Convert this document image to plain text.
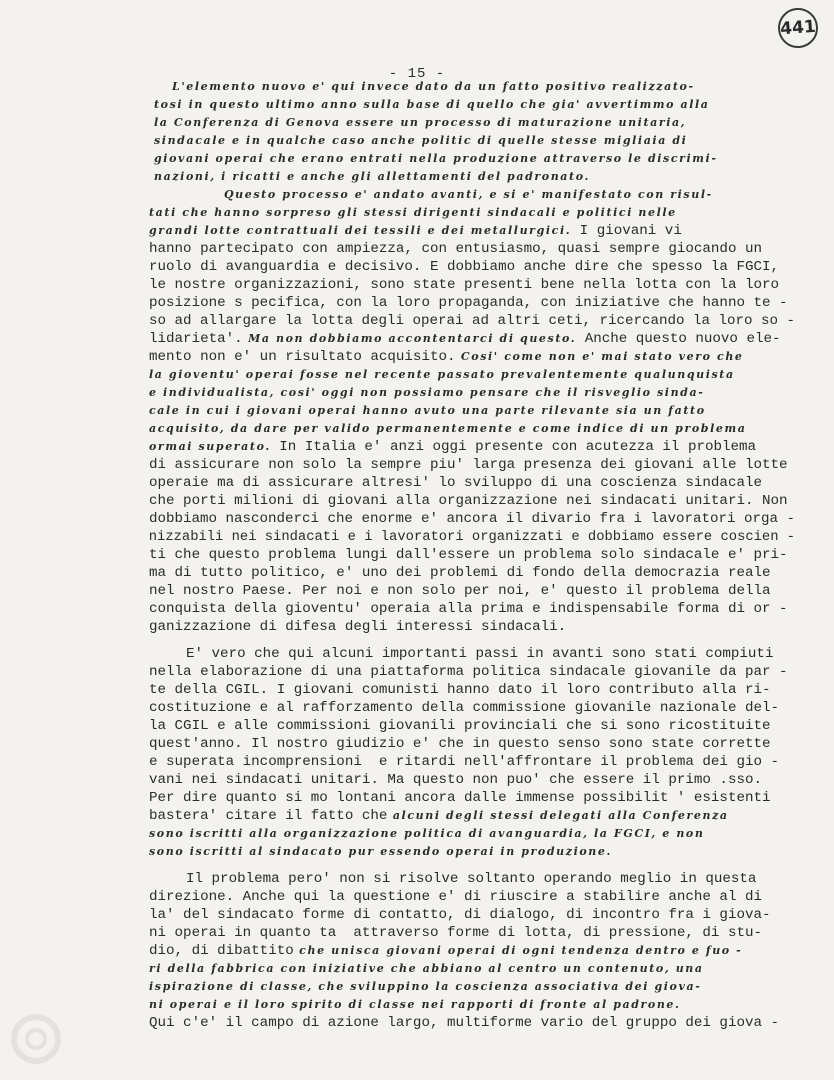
441
- 15 -

L'elemento nuovo e' qui invece dato da un fatto positivo realizzato-

tosi in questo ultimo anno sulla base di quello che gia' avvertimmo alla

la Conferenza di Genova essere un processo di maturazione unitaria,

sindacale e in qualche caso anche politic di quelle stesse migliaia di

giovani operai che erano entrati nella produzione attraverso le discrimi-

nazioni, i ricatti e anche gli allettamenti del padronato.

Questo processo e' andato avanti, e si e' manifestato con risul-

tati che hanno sorpreso gli stessi dirigenti sindacali e politici nelle

grandi lotte contrattuali dei tessili e dei metallurgici. I giovani vi

hanno partecipato con ampiezza, con entusiasmo, quasi sempre giocando un

ruolo di avanguardia e decisivo. E dobbiamo anche dire che spesso la FGCI,

le nostre organizzazioni, sono state presenti bene nella lotta con la loro

posizione s pecifica, con la loro propaganda, con iniziative che hanno te -

so ad allargare la lotta degli operai ad altri ceti, ricercando la loro so -

lidarieta'. Ma non dobbiamo accontentarci di questo. Anche questo nuovo ele-

mento non e' un risultato acquisito. Cosi' come non e' mai stato vero che

la gioventu' operai fosse nel recente passato prevalentemente qualunquista

e individualista, cosi' oggi non possiamo pensare che il risveglio sinda-

cale in cui i giovani operai hanno avuto una parte rilevante sia un fatto

acquisito, da dare per valido permanentemente e come indice di un problema

ormai superato. In Italia e' anzi oggi presente con acutezza il problema

di assicurare non solo la sempre piu' larga presenza dei giovani alle lotte

operaie ma di assicurare altresi' lo sviluppo di una coscienza sindacale

che porti milioni di giovani alla organizzazione nei sindacati unitari. Non

dobbiamo nasconderci che enorme e' ancora il divario fra i lavoratori orga -

nizzabili nei sindacati e i lavoratori organizzati e dobbiamo essere coscien -

ti che questo problema lungi dall'essere un problema solo sindacale e' pri-

ma di tutto politico, e' uno dei problemi di fondo della democrazia reale

nel nostro Paese. Per noi e non solo per noi, e' questo il problema della

conquista della gioventu' operaia alla prima e indispensabile forma di or -

ganizzazione di difesa degli interessi sindacali.

E' vero che qui alcuni importanti passi in avanti sono stati compiuti

nella elaborazione di una piattaforma politica sindacale giovanile da par -

te della CGIL. I giovani comunisti hanno dato il loro contributo alla ri-

costituzione e al rafforzamento della commissione giovanile nazionale del-

la CGIL e alle commissioni giovanili provinciali che si sono ricostituite

quest'anno. Il nostro giudizio e' che in questo senso sono state corrette

e superata incomprensioni  e ritardi nell'affrontare il problema dei gio -

vani nei sindacati unitari. Ma questo non puo' che essere il primo .sso.

Per dire quanto si mo lontani ancora dalle immense possibilit ' esistenti

bastera' citare il fatto che alcuni degli stessi delegati alla Conferenza

sono iscritti alla organizzazione politica di avanguardia, la FGCI, e non

sono iscritti al sindacato pur essendo operai in produzione.

Il problema pero' non si risolve soltanto operando meglio in questa

direzione. Anche qui la questione e' di riuscire a stabilire anche al di

la' del sindacato forme di contatto, di dialogo, di incontro fra i giova-

ni operai in quanto ta  attraverso forme di lotta, di pressione, di stu-

dio, di dibattito che unisca giovani operai di ogni tendenza dentro e fuo -

ri della fabbrica con iniziative che abbiano al centro un contenuto, una

ispirazione di classe, che sviluppino la coscienza associativa dei giova-

ni operai e il loro spirito di classe nei rapporti di fronte al padrone.

Qui c'e' il campo di azione largo, multiforme vario del gruppo dei giova -
